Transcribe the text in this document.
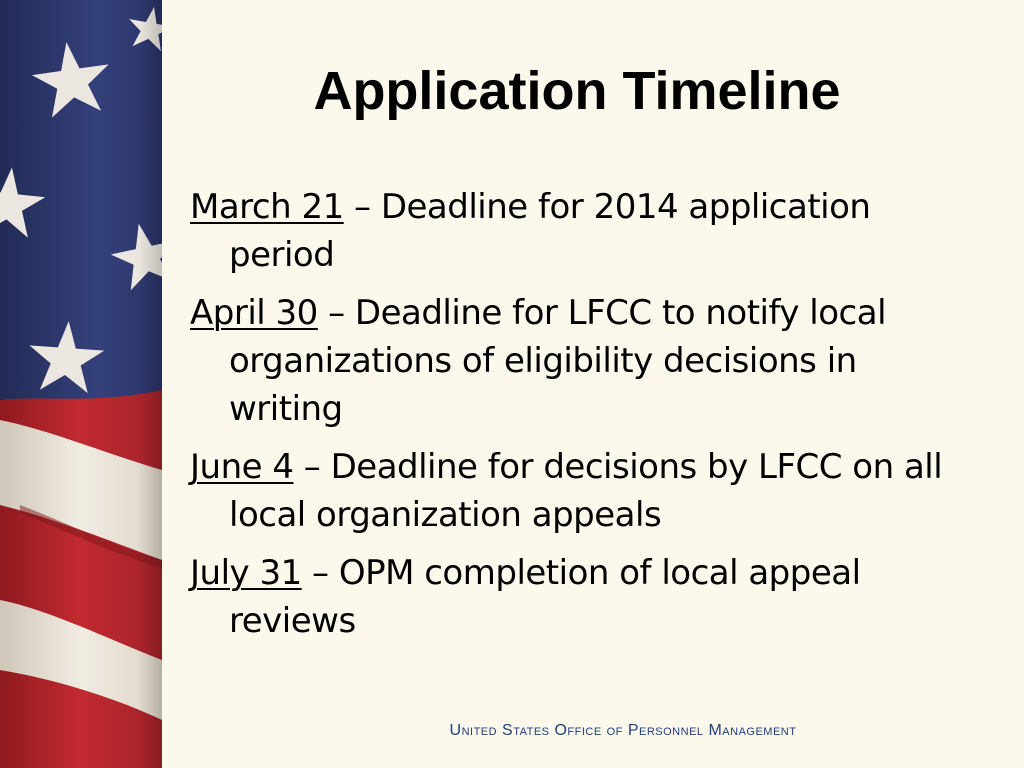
Application Timeline
March 21 – Deadline for 2014 application period
April 30 – Deadline for LFCC to notify local organizations of eligibility decisions in writing
June 4 – Deadline for decisions by LFCC on all local organization appeals
July 31 – OPM completion of local appeal reviews
United States Office of Personnel Management
